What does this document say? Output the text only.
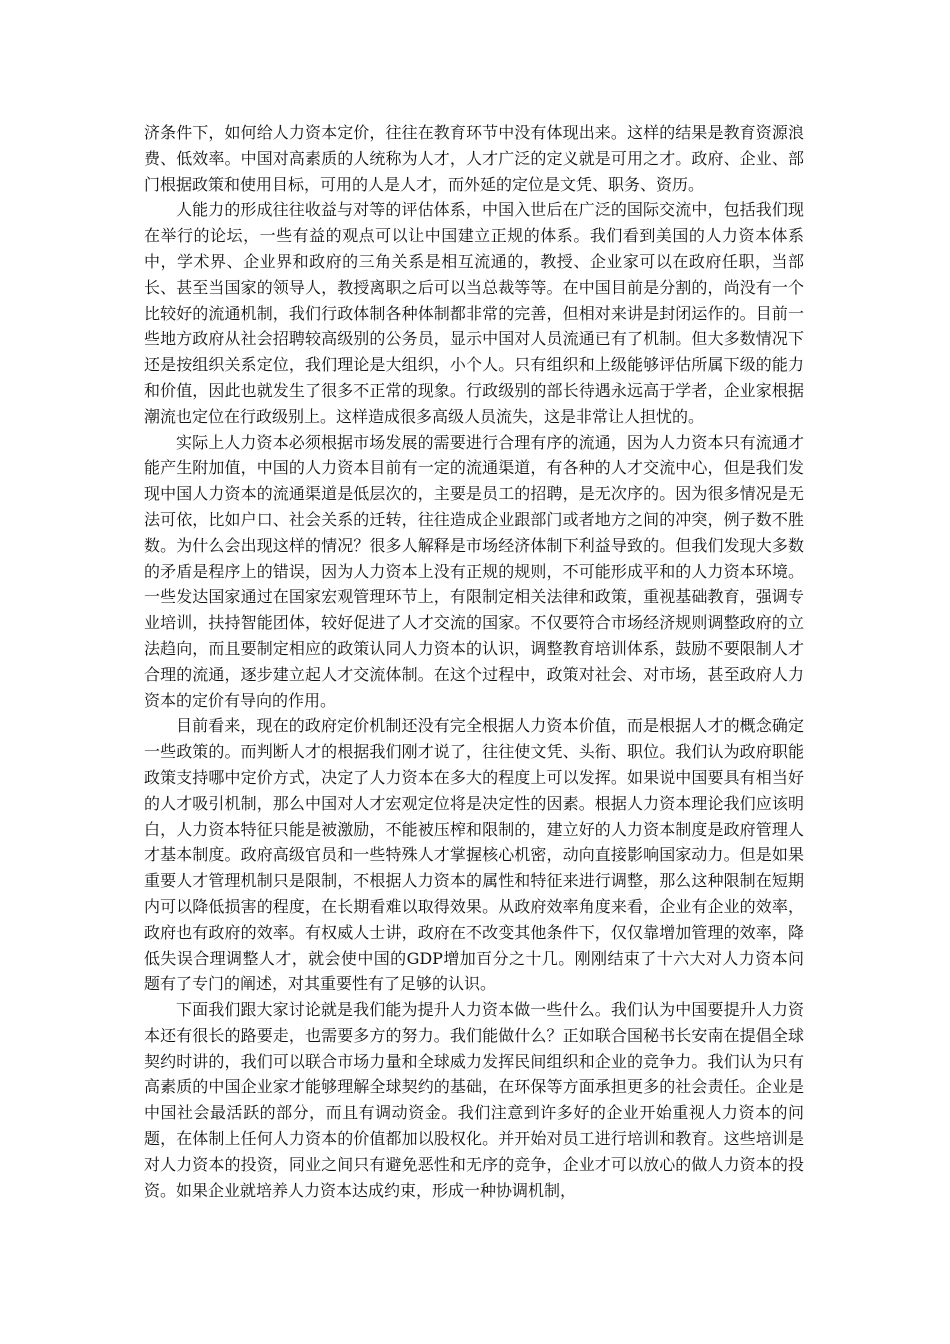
济条件下，如何给人力资本定价，往往在教育环节中没有体现出来。这样的结果是教育资源浪费、低效率。中国对高素质的人统称为人才，人才广泛的定义就是可用之才。政府、企业、部门根据政策和使用目标，可用的人是人才，而外延的定位是文凭、职务、资历。

人能力的形成往往收益与对等的评估体系，中国入世后在广泛的国际交流中，包括我们现在举行的论坛，一些有益的观点可以让中国建立正规的体系。我们看到美国的人力资本体系中，学术界、企业界和政府的三角关系是相互流通的，教授、企业家可以在政府任职，当部长、甚至当国家的领导人，教授离职之后可以当总裁等等。在中国目前是分割的，尚没有一个比较好的流通机制，我们行政体制各种体制都非常的完善，但相对来讲是封闭运作的。目前一些地方政府从社会招聘较高级别的公务员，显示中国对人员流通已有了机制。但大多数情况下还是按组织关系定位，我们理论是大组织，小个人。只有组织和上级能够评估所属下级的能力和价值，因此也就发生了很多不正常的现象。行政级别的部长待遇永远高于学者，企业家根据潮流也定位在行政级别上。这样造成很多高级人员流失，这是非常让人担忧的。

实际上人力资本必须根据市场发展的需要进行合理有序的流通，因为人力资本只有流通才能产生附加值，中国的人力资本目前有一定的流通渠道，有各种的人才交流中心，但是我们发现中国人力资本的流通渠道是低层次的，主要是员工的招聘，是无次序的。因为很多情况是无法可依，比如户口、社会关系的迁转，往往造成企业跟部门或者地方之间的冲突，例子数不胜数。为什么会出现这样的情况？很多人解释是市场经济体制下利益导致的。但我们发现大多数的矛盾是程序上的错误，因为人力资本上没有正规的规则，不可能形成平和的人力资本环境。一些发达国家通过在国家宏观管理环节上，有限制定相关法律和政策，重视基础教育，强调专业培训，扶持智能团体，较好促进了人才交流的国家。不仅要符合市场经济规则调整政府的立法趋向，而且要制定相应的政策认同人力资本的认识，调整教育培训体系，鼓励不要限制人才合理的流通，逐步建立起人才交流体制。在这个过程中，政策对社会、对市场，甚至政府人力资本的定价有导向的作用。

目前看来，现在的政府定价机制还没有完全根据人力资本价值，而是根据人才的概念确定一些政策的。而判断人才的根据我们刚才说了，往往使文凭、头衔、职位。我们认为政府职能政策支持哪中定价方式，决定了人力资本在多大的程度上可以发挥。如果说中国要具有相当好的人才吸引机制，那么中国对人才宏观定位将是决定性的因素。根据人力资本理论我们应该明白，人力资本特征只能是被激励，不能被压榨和限制的，建立好的人力资本制度是政府管理人才基本制度。政府高级官员和一些特殊人才掌握核心机密，动向直接影响国家动力。但是如果重要人才管理机制只是限制，不根据人力资本的属性和特征来进行调整，那么这种限制在短期内可以降低损害的程度，在长期看难以取得效果。从政府效率角度来看，企业有企业的效率，政府也有政府的效率。有权威人士讲，政府在不改变其他条件下，仅仅靠增加管理的效率，降低失误合理调整人才，就会使中国的GDP增加百分之十几。刚刚结束了十六大对人力资本问题有了专门的阐述，对其重要性有了足够的认识。

下面我们跟大家讨论就是我们能为提升人力资本做一些什么。我们认为中国要提升人力资本还有很长的路要走，也需要多方的努力。我们能做什么？正如联合国秘书长安南在提倡全球契约时讲的，我们可以联合市场力量和全球威力发挥民间组织和企业的竞争力。我们认为只有高素质的中国企业家才能够理解全球契约的基础，在环保等方面承担更多的社会责任。企业是中国社会最活跃的部分，而且有调动资金。我们注意到许多好的企业开始重视人力资本的问题，在体制上任何人力资本的价值都加以股权化。并开始对员工进行培训和教育。这些培训是对人力资本的投资，同业之间只有避免恶性和无序的竞争，企业才可以放心的做人力资本的投资。如果企业就培养人力资本达成约束，形成一种协调机制，
